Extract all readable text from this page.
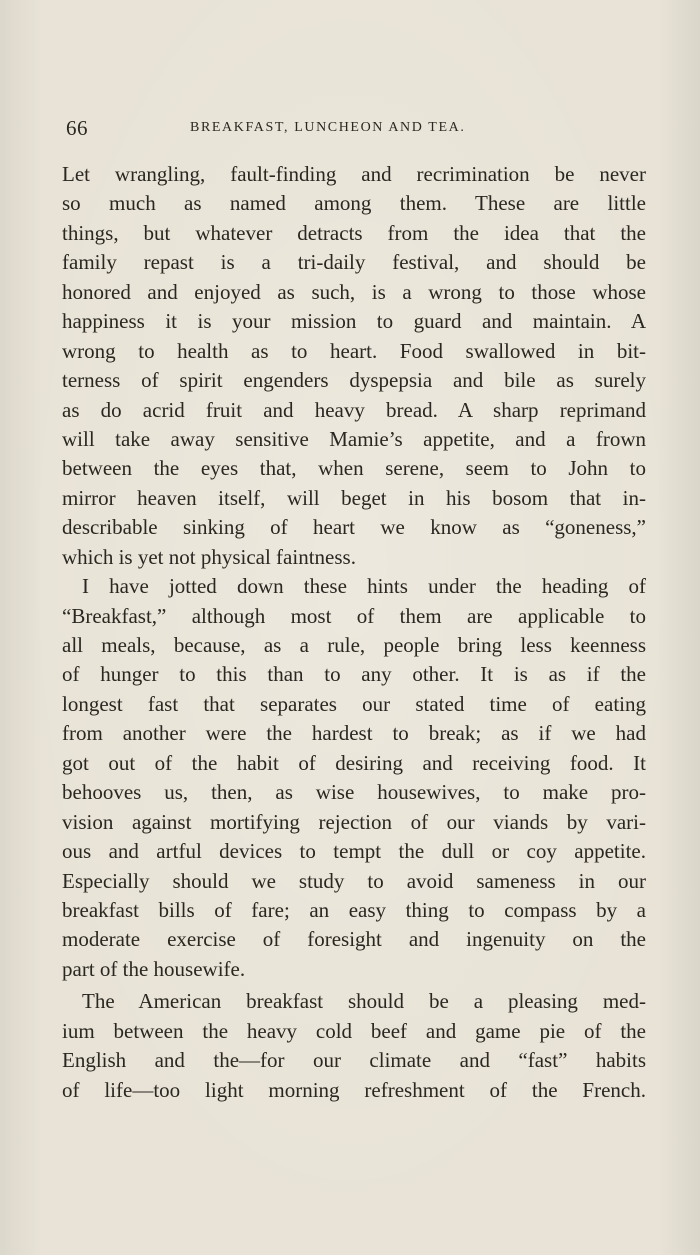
66	BREAKFAST, LUNCHEON AND TEA.
Let wrangling, fault-finding and recrimination be never
so much as named among them. These are little
things, but whatever detracts from the idea that the
family repast is a tri-daily festival, and should be
honored and enjoyed as such, is a wrong to those whose
happiness it is your mission to guard and maintain. A
wrong to health as to heart. Food swallowed in bit-
terness of spirit engenders dyspepsia and bile as surely
as do acrid fruit and heavy bread. A sharp reprimand
will take away sensitive Mamie’s appetite, and a frown
between the eyes that, when serene, seem to John to
mirror heaven itself, will beget in his bosom that in-
describable sinking of heart we know as “goneness,”
which is yet not physical faintness.
I have jotted down these hints under the heading of
“Breakfast,” although most of them are applicable to
all meals, because, as a rule, people bring less keenness
of hunger to this than to any other. It is as if the
longest fast that separates our stated time of eating
from another were the hardest to break; as if we had
got out of the habit of desiring and receiving food. It
behooves us, then, as wise housewives, to make pro-
vision against mortifying rejection of our viands by vari-
ous and artful devices to tempt the dull or coy appetite.
Especially should we study to avoid sameness in our
breakfast bills of fare; an easy thing to compass by a
moderate exercise of foresight and ingenuity on the
part of the housewife.
The American breakfast should be a pleasing med-
ium between the heavy cold beef and game pie of the
English and the—for our climate and “fast” habits
of life—too light morning refreshment of the French.
